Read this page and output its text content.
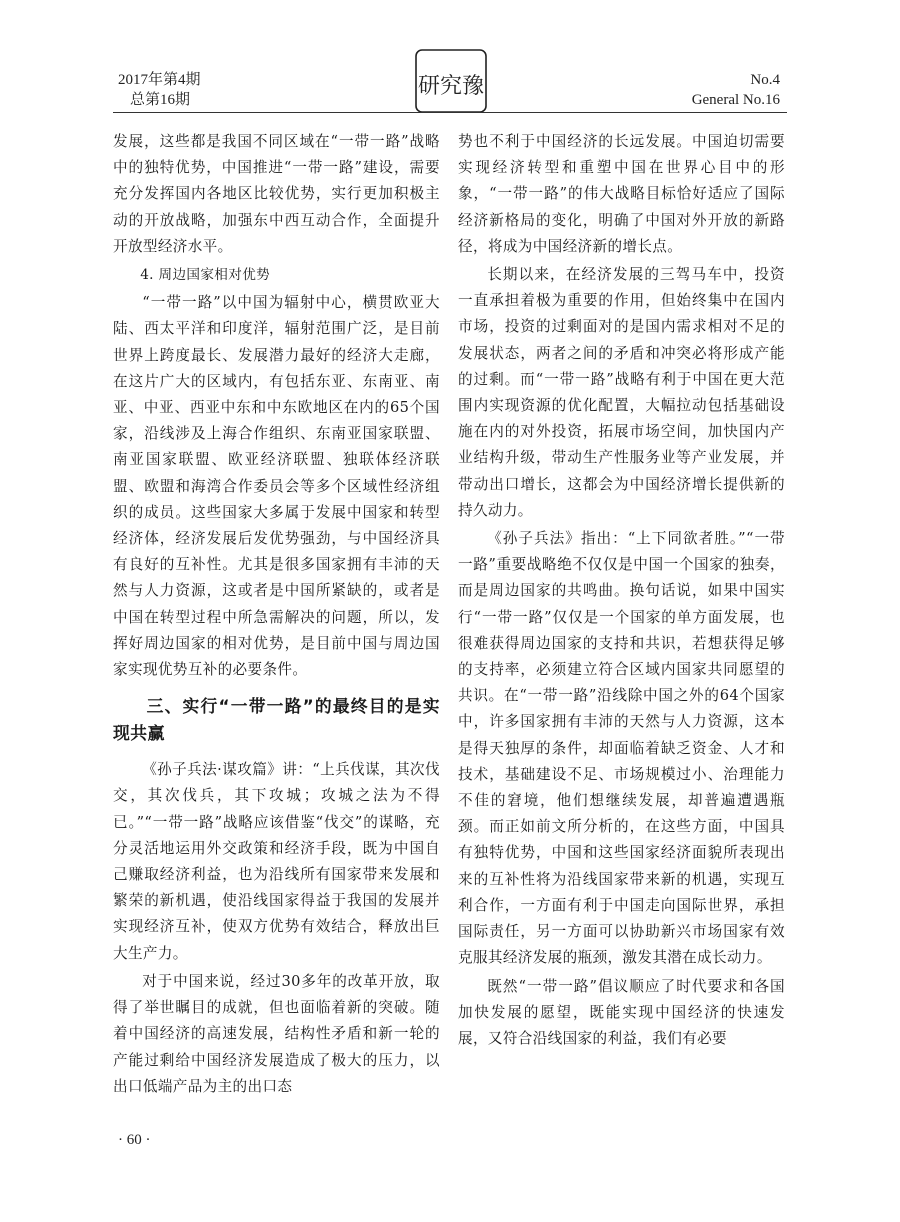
2017年第4期
总第16期
研究豫	No.4
General No.16

发展，这些都是我国不同区域在“一带一路”战略中的独特优势，中国推进“一带一路”建设，需要充分发挥国内各地区比较优势，实行更加积极主动的开放战略，加强东中西互动合作，全面提升开放型经济水平。

4. 周边国家相对优势

“一带一路”以中国为辐射中心，横贯欧亚大陆、西太平洋和印度洋，辐射范围广泛，是目前世界上跨度最长、发展潜力最好的经济大走廊，在这片广大的区域内，有包括东亚、东南亚、南亚、中亚、西亚中东和中东欧地区在内的65个国家，沿线涉及上海合作组织、东南亚国家联盟、南亚国家联盟、欧亚经济联盟、独联体经济联盟、欧盟和海湾合作委员会等多个区域性经济组织的成员。这些国家大多属于发展中国家和转型经济体，经济发展后发优势强劲，与中国经济具有良好的互补性。尤其是很多国家拥有丰沛的天然与人力资源，这或者是中国所紧缺的，或者是中国在转型过程中所急需解决的问题，所以，发挥好周边国家的相对优势，是目前中国与周边国家实现优势互补的必要条件。

三、实行“一带一路”的最终目的是实现共赢

《孙子兵法·谋攻篇》讲：“上兵伐谋，其次伐交，其次伐兵，其下攻城；攻城之法为不得已。”“一带一路”战略应该借鉴“伐交”的谋略，充分灵活地运用外交政策和经济手段，既为中国自己赚取经济利益，也为沿线所有国家带来发展和繁荣的新机遇，使沿线国家得益于我国的发展并实现经济互补，使双方优势有效结合，释放出巨大生产力。

对于中国来说，经过30多年的改革开放，取得了举世瞩目的成就，但也面临着新的突破。随着中国经济的高速发展，结构性矛盾和新一轮的产能过剩给中国经济发展造成了极大的压力，以出口低端产品为主的出口态

势也不利于中国经济的长远发展。中国迫切需要实现经济转型和重塑中国在世界心目中的形象，“一带一路”的伟大战略目标恰好适应了国际经济新格局的变化，明确了中国对外开放的新路径，将成为中国经济新的增长点。

长期以来，在经济发展的三驾马车中，投资一直承担着极为重要的作用，但始终集中在国内市场，投资的过剩面对的是国内需求相对不足的发展状态，两者之间的矛盾和冲突必将形成产能的过剩。而“一带一路”战略有利于中国在更大范围内实现资源的优化配置，大幅拉动包括基础设施在内的对外投资，拓展市场空间，加快国内产业结构升级，带动生产性服务业等产业发展，并带动出口增长，这都会为中国经济增长提供新的持久动力。

《孙子兵法》指出：“上下同欲者胜。”“一带一路”重要战略绝不仅仅是中国一个国家的独奏，而是周边国家的共鸣曲。换句话说，如果中国实行“一带一路”仅仅是一个国家的单方面发展，也很难获得周边国家的支持和共识，若想获得足够的支持率，必须建立符合区域内国家共同愿望的共识。在“一带一路”沿线除中国之外的64个国家中，许多国家拥有丰沛的天然与人力资源，这本是得天独厚的条件，却面临着缺乏资金、人才和技术，基础建设不足、市场规模过小、治理能力不佳的窘境，他们想继续发展，却普遍遭遇瓶颈。而正如前文所分析的，在这些方面，中国具有独特优势，中国和这些国家经济面貌所表现出来的互补性将为沿线国家带来新的机遇，实现互利合作，一方面有利于中国走向国际世界，承担国际责任，另一方面可以协助新兴市场国家有效克服其经济发展的瓶颈，激发其潜在成长动力。

既然“一带一路”倡议顺应了时代要求和各国加快发展的愿望，既能实现中国经济的快速发展，又符合沿线国家的利益，我们有必要

· 60 ·
